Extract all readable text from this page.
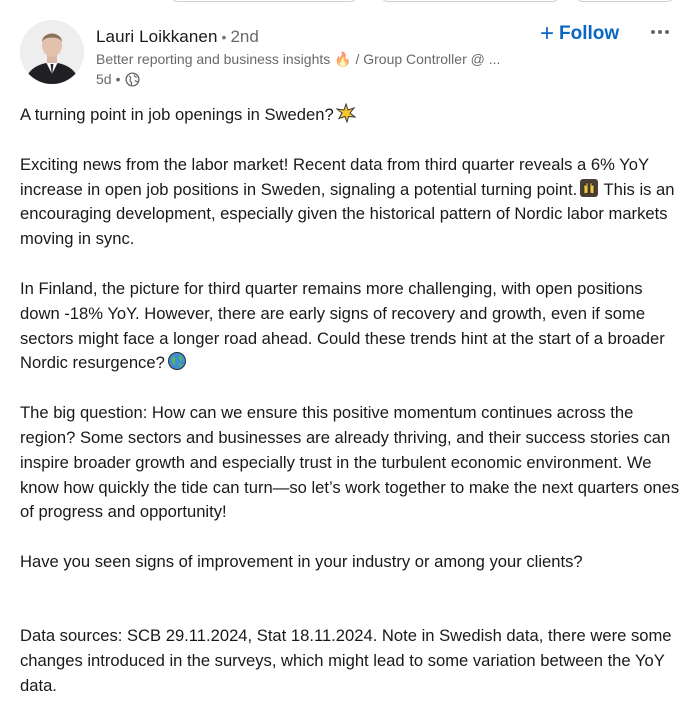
Lauri Loikkanen • 2nd
Better reporting and business insights 🔥 / Group Controller @ ...
5d •
+ Follow

A turning point in job openings in Sweden?

Exciting news from the labor market! Recent data from third quarter reveals a 6% YoY increase in open job positions in Sweden, signaling a potential turning point. This is an encouraging development, especially given the historical pattern of Nordic labor markets moving in sync.

In Finland, the picture for third quarter remains more challenging, with open positions down -18% YoY. However, there are early signs of recovery and growth, even if some sectors might face a longer road ahead. Could these trends hint at the start of a broader Nordic resurgence?

The big question: How can we ensure this positive momentum continues across the region? Some sectors and businesses are already thriving, and their success stories can inspire broader growth and especially trust in the turbulent economic environment. We know how quickly the tide can turn—so let’s work together to make the next quarters ones of progress and opportunity!

Have you seen signs of improvement in your industry or among your clients?

Data sources: SCB 29.11.2024, Stat 18.11.2024. Note in Swedish data, there were some changes introduced in the surveys, which might lead to some variation between the YoY data.
